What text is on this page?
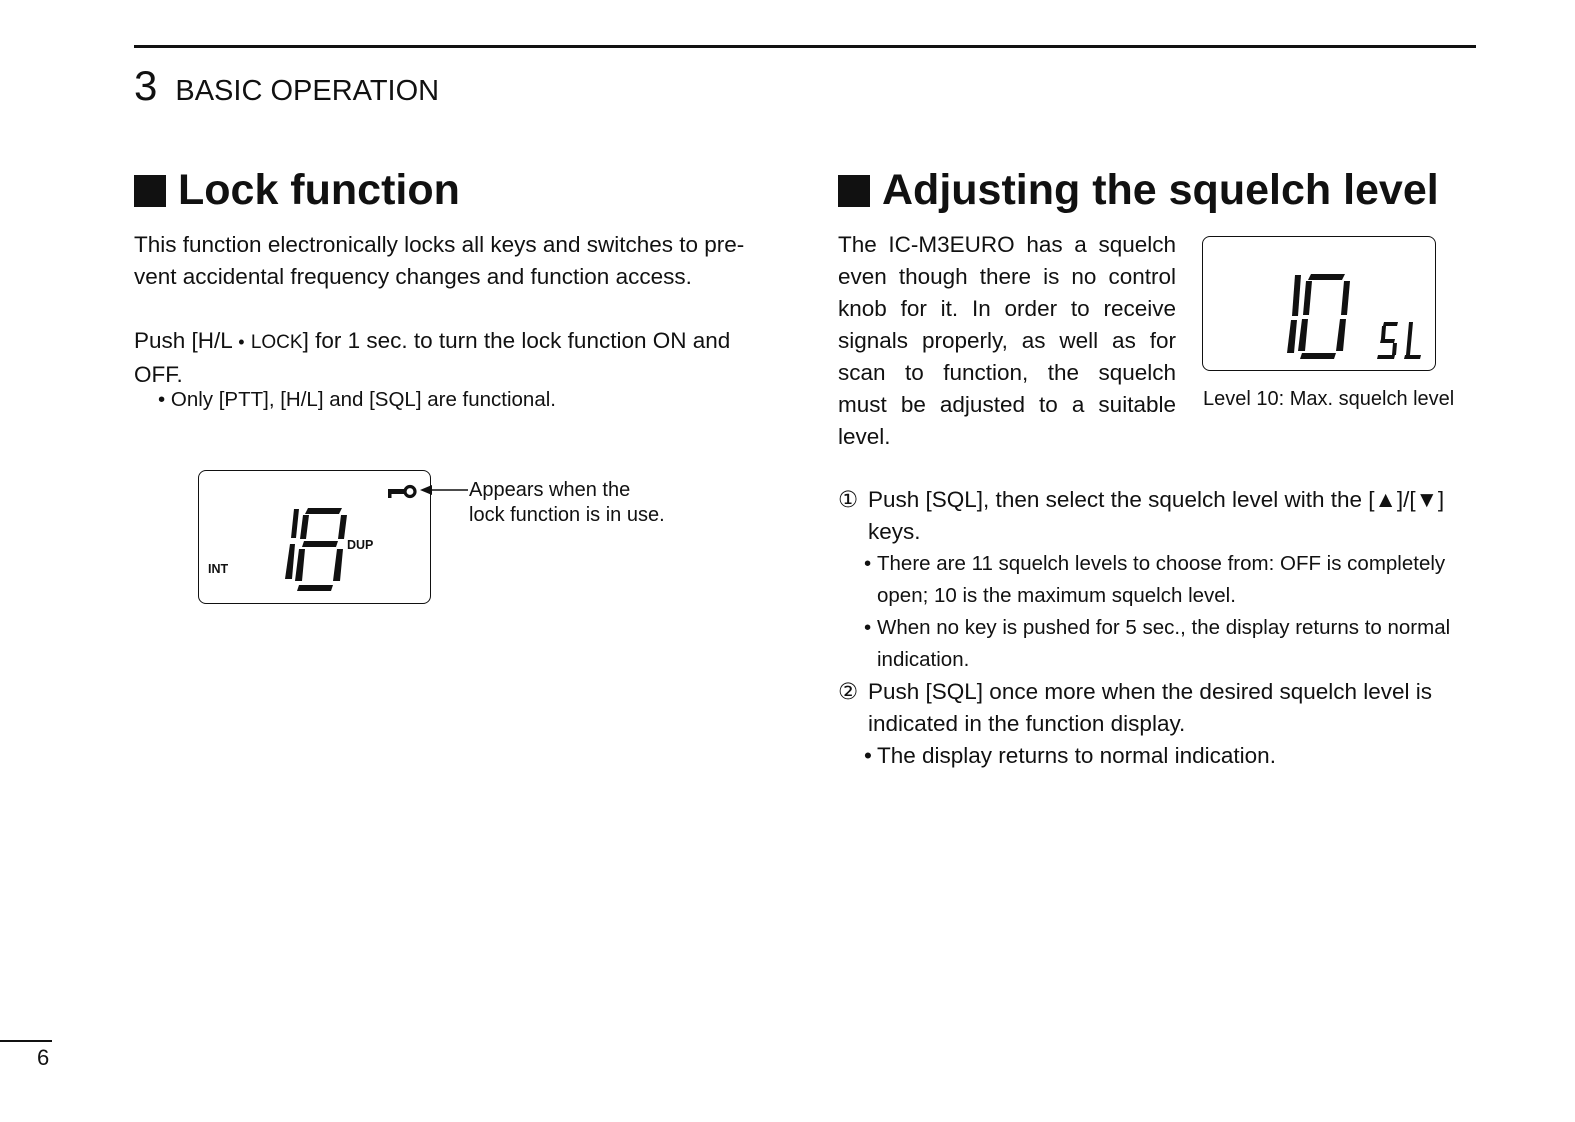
3 BASIC OPERATION
Lock function
This function electronically locks all keys and switches to pre-
vent accidental frequency changes and function access.
Push [H/L • LOCK] for 1 sec. to turn the lock function ON and
OFF.
• Only [PTT], [H/L] and [SQL] are functional.
INT
DUP
Appears when the
lock function is in use.
Adjusting the squelch level
The IC-M3EURO has a squelch
even though there is no control
knob for it. In order to receive
signals properly, as well as for
scan to function, the squelch
must be adjusted to a suitable
level.
Level 10: Max. squelch level
① Push [SQL], then select the squelch level with the [▲]/[▼]
keys.
• There are 11 squelch levels to choose from: OFF is completely
open; 10 is the maximum squelch level.
• When no key is pushed for 5 sec., the display returns to normal
indication.
② Push [SQL] once more when the desired squelch level is
indicated in the function display.
• The display returns to normal indication.
6
